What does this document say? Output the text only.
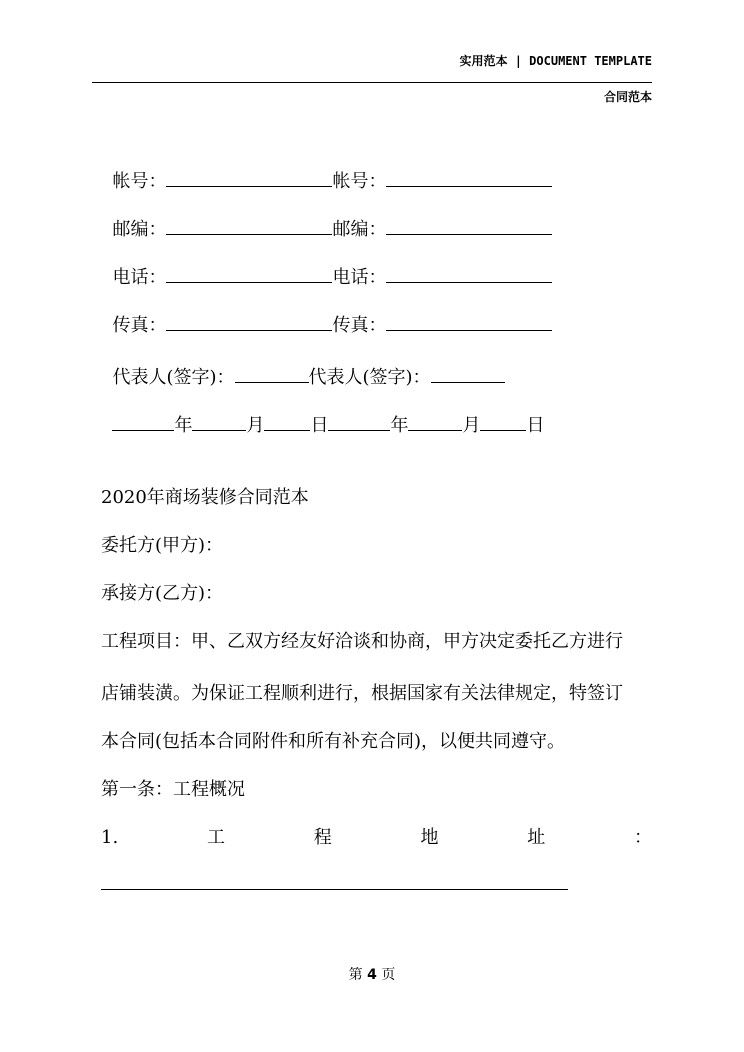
实用范本 | DOCUMENT TEMPLATE
合同范本

帐号：	帐号：

邮编：	邮编：

电话：	电话：

传真：	传真：

代表人(签字)：	代表人(签字)：

年	月	日	年	月	日

2020年商场装修合同范本
委托方(甲方)：
承接方(乙方)：
工程项目：甲、乙双方经友好洽谈和协商，甲方决定委托乙方进行
店铺装潢。为保证工程顺利进行，根据国家有关法律规定，特签订
本合同(包括本合同附件和所有补充合同)，以便共同遵守。
第一条：工程概况
1.	工	程	地	址	：
第 4 页
